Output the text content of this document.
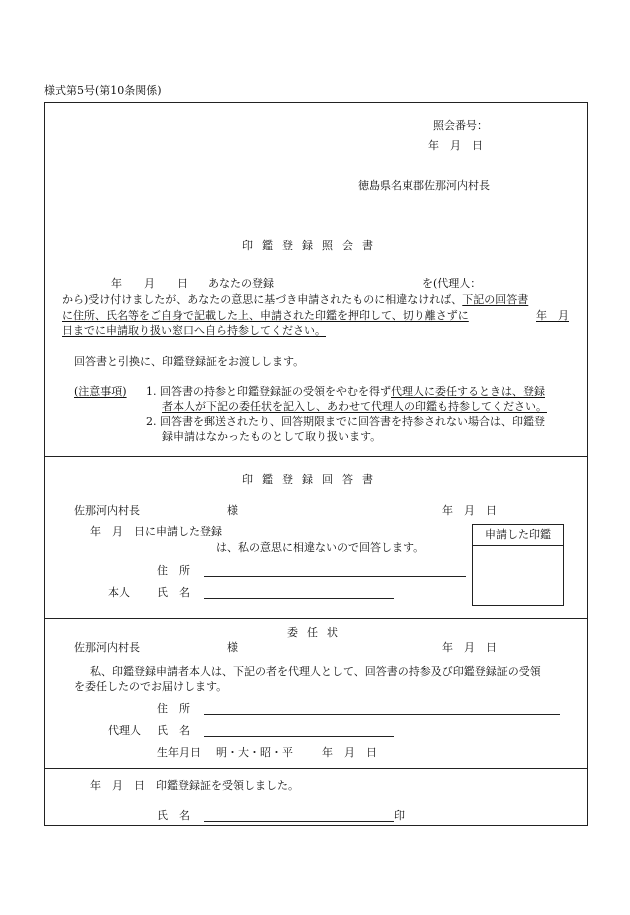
様式第5号(第10条関係)
照会番号：
年　月　日
徳島県名東郡佐那河内村長
印鑑登録照会書
年　　月　　日 あなたの登録	を(代理人：
から)受け付けましたが、あなたの意思に基づき申請されたものに相違なければ、下記の回答書
に住所、氏名等をご自身で記載した上、申請された印鑑を押印して、切り離さずに	年　月
日までに申請取り扱い窓口へ自ら持参してください。
回答書と引換に、印鑑登録証をお渡しします。
(注意事項) 1. 回答書の持参と印鑑登録証の受領をやむを得ず代理人に委任するときは、登録
者本人が下記の委任状を記入し、あわせて代理人の印鑑も持参してください。
2. 回答書を郵送されたり、回答期限までに回答書を持参されない場合は、印鑑登
録申請はなかったものとして取り扱います。
印鑑登録回答書
佐那河内村長	様	年　月　日
年　月　日に申請した登録
は、私の意思に相違ないので回答します。
住　所
本人 氏　名
申請した印鑑
委任状
佐那河内村長	様	年　月　日
私、印鑑登録申請者本人は、下記の者を代理人として、回答書の持参及び印鑑登録証の受領
を委任したのでお届けします。
住　所
代理人 氏　名
生年月日 明・大・昭・平	年　月　日
年　月　日　印鑑登録証を受領しました。
氏　名	印
